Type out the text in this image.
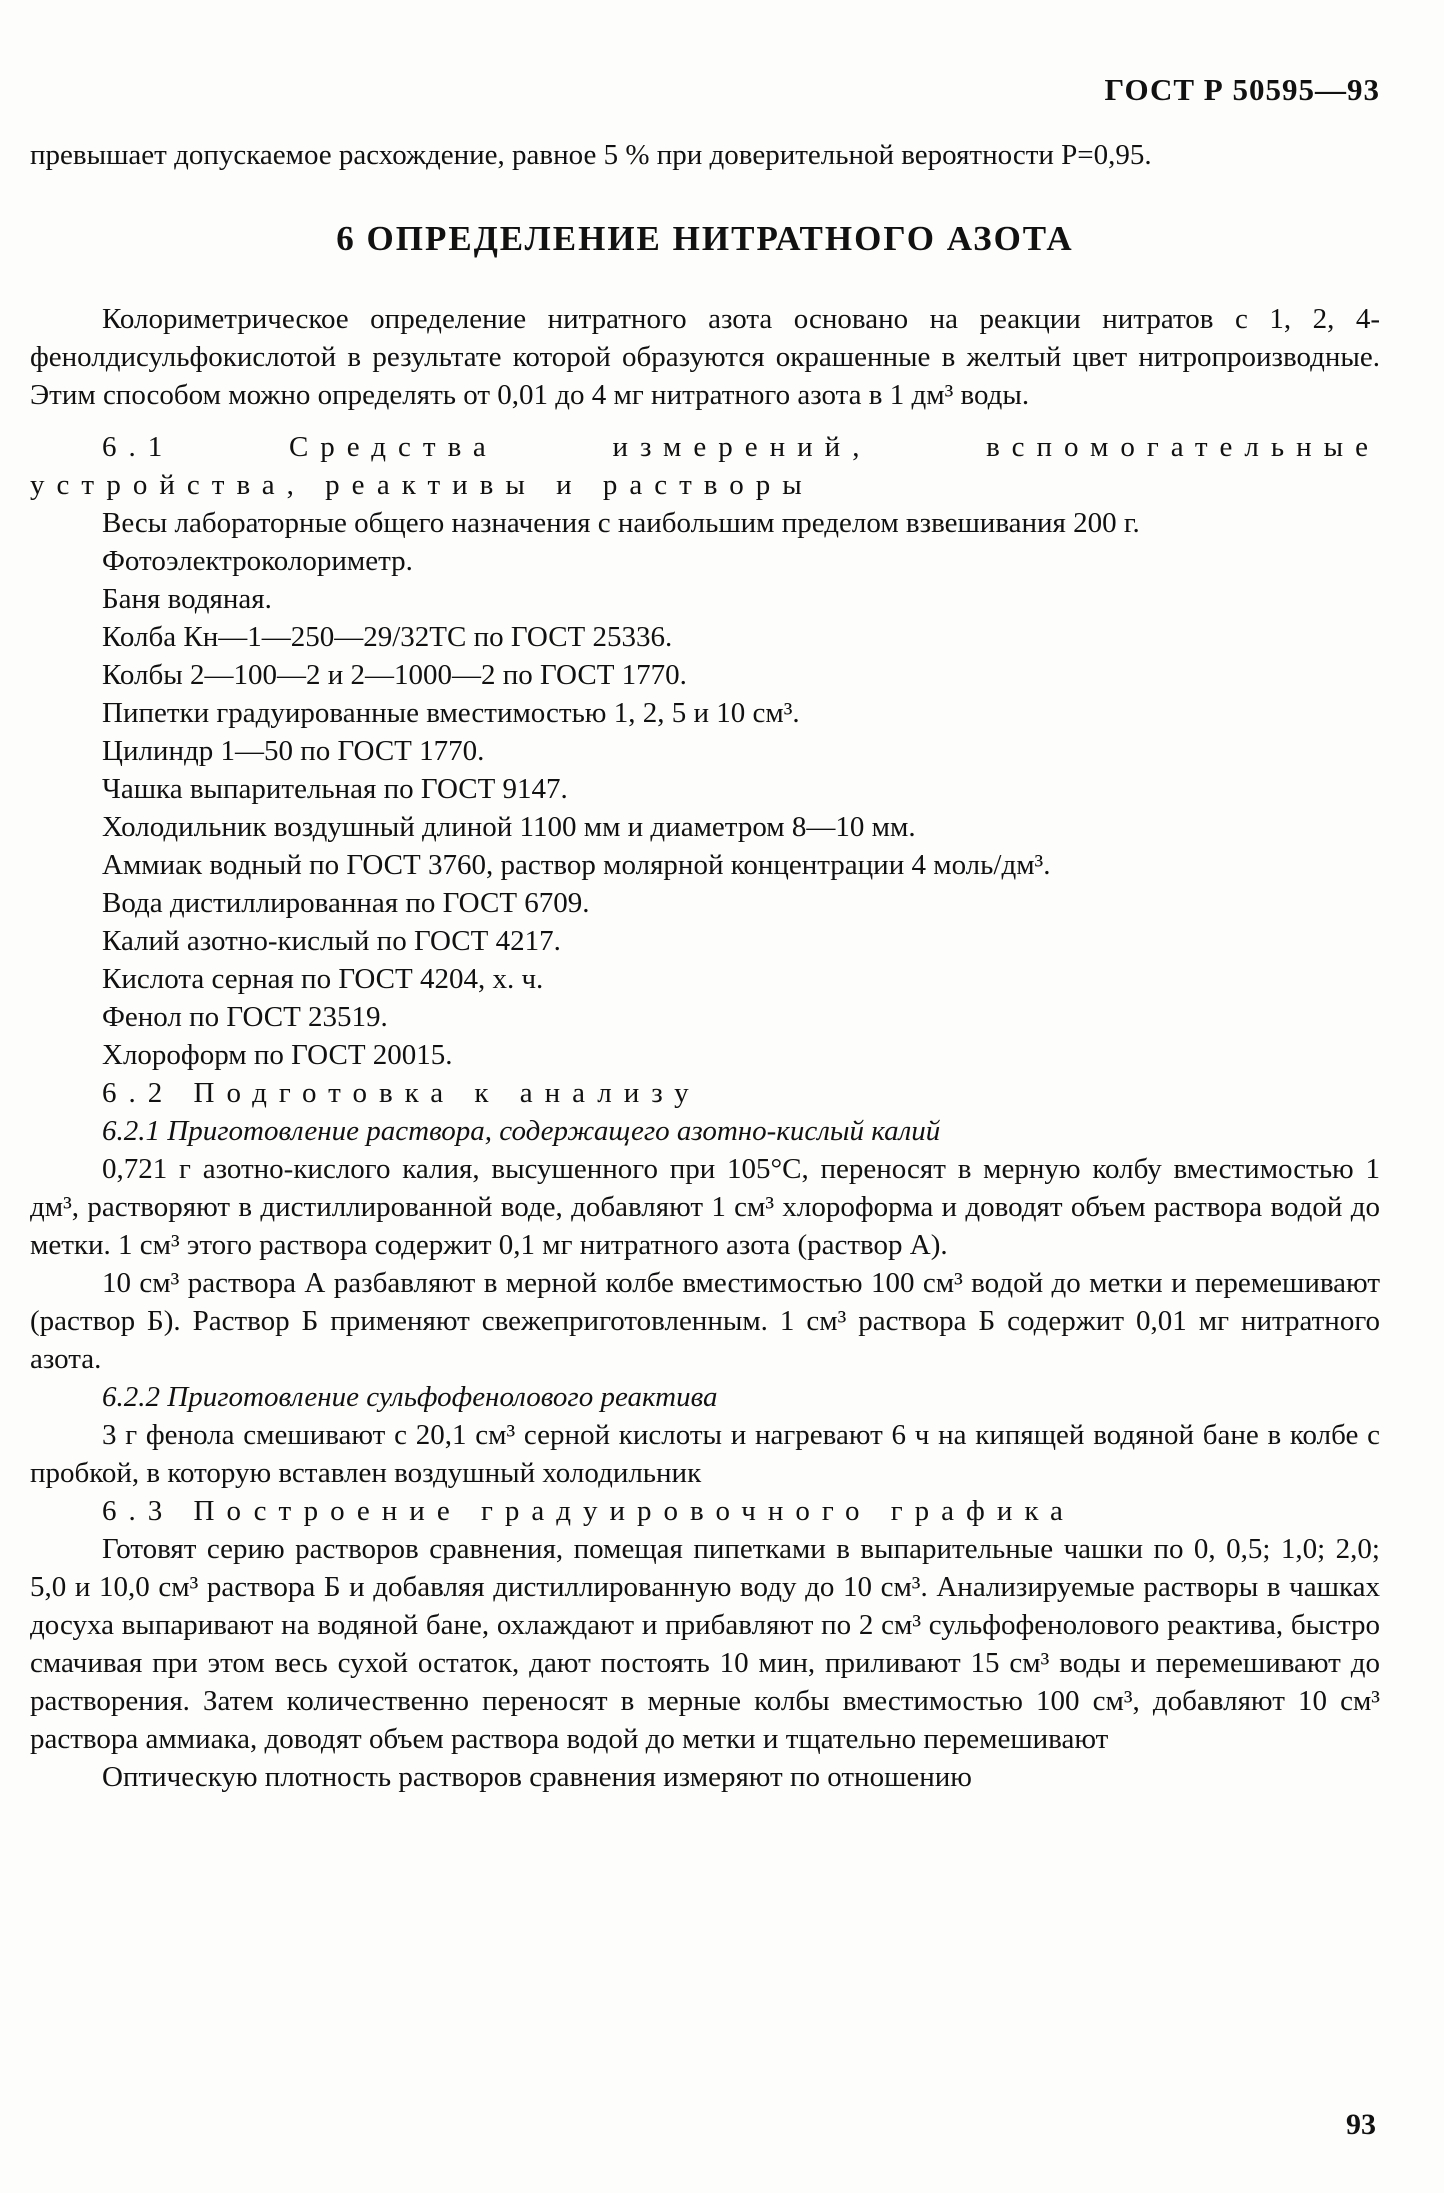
ГОСТ Р 50595—93

превышает допускаемое расхождение, равное 5 % при доверительной вероятности Р=0,95.

6 ОПРЕДЕЛЕНИЕ НИТРАТНОГО АЗОТА

Колориметрическое определение нитратного азота основано на реакции нитратов с 1, 2, 4-фенолдисульфокислотой в результате которой образуются окрашенные в желтый цвет нитропроизводные. Этим способом можно определять от 0,01 до 4 мг нитратного азота в 1 дм³ воды.

6.1 Средства измерений, вспомогательные устройства, реактивы и растворы

Весы лабораторные общего назначения с наибольшим пределом взвешивания 200 г.

Фотоэлектроколориметр.

Баня водяная.

Колба Кн—1—250—29/32ТС по ГОСТ 25336.

Колбы 2—100—2 и 2—1000—2 по ГОСТ 1770.

Пипетки градуированные вместимостью 1, 2, 5 и 10 см³.

Цилиндр 1—50 по ГОСТ 1770.

Чашка выпарительная по ГОСТ 9147.

Холодильник воздушный длиной 1100 мм и диаметром 8—10 мм.

Аммиак водный по ГОСТ 3760, раствор молярной концентрации 4 моль/дм³.

Вода дистиллированная по ГОСТ 6709.

Калий азотно-кислый по ГОСТ 4217.

Кислота серная по ГОСТ 4204, х. ч.

Фенол по ГОСТ 23519.

Хлороформ по ГОСТ 20015.

6.2 Подготовка к анализу

6.2.1 Приготовление раствора, содержащего азотно-кислый калий

0,721 г азотно-кислого калия, высушенного при 105°С, переносят в мерную колбу вместимостью 1 дм³, растворяют в дистиллированной воде, добавляют 1 см³ хлороформа и доводят объем раствора водой до метки. 1 см³ этого раствора содержит 0,1 мг нитратного азота (раствор А).

10 см³ раствора А разбавляют в мерной колбе вместимостью 100 см³ водой до метки и перемешивают (раствор Б). Раствор Б применяют свежеприготовленным. 1 см³ раствора Б содержит 0,01 мг нитратного азота.

6.2.2 Приготовление сульфофенолового реактива

3 г фенола смешивают с 20,1 см³ серной кислоты и нагревают 6 ч на кипящей водяной бане в колбе с пробкой, в которую вставлен воздушный холодильник

6.3 Построение градуировочного графика

Готовят серию растворов сравнения, помещая пипетками в выпарительные чашки по 0, 0,5; 1,0; 2,0; 5,0 и 10,0 см³ раствора Б и добавляя дистиллированную воду до 10 см³. Анализируемые растворы в чашках досуха выпаривают на водяной бане, охлаждают и прибавляют по 2 см³ сульфофенолового реактива, быстро смачивая при этом весь сухой остаток, дают постоять 10 мин, приливают 15 см³ воды и перемешивают до растворения. Затем количественно переносят в мерные колбы вместимостью 100 см³, добавляют 10 см³ раствора аммиака, доводят объем раствора водой до метки и тщательно перемешивают

Оптическую плотность растворов сравнения измеряют по отношению

93
